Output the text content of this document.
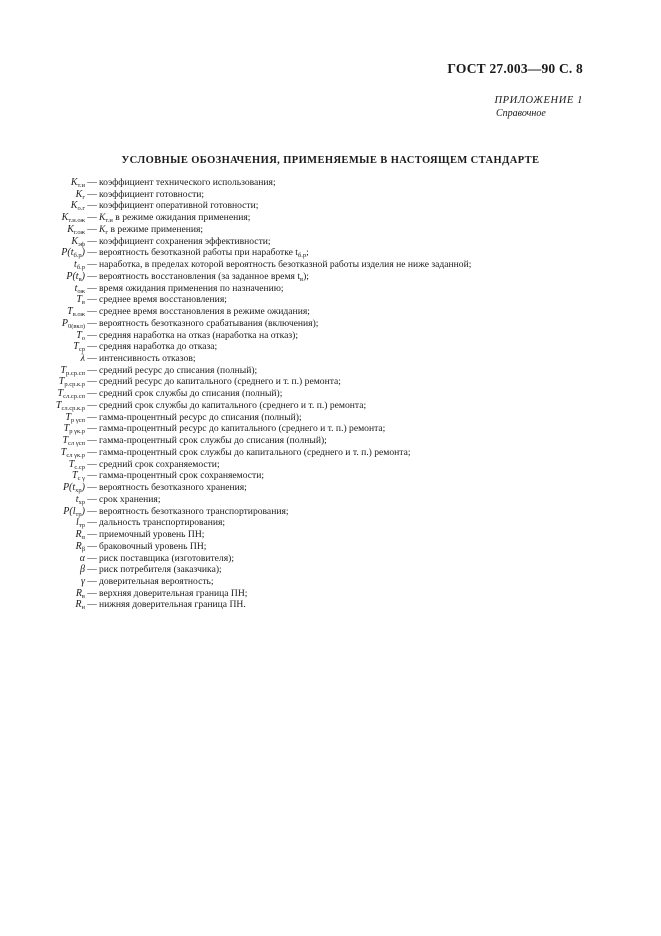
ГОСТ 27.003—90 С. 8
ПРИЛОЖЕНИЕ 1
Справочное
УСЛОВНЫЕ ОБОЗНАЧЕНИЯ, ПРИМЕНЯЕМЫЕ В НАСТОЯЩЕМ СТАНДАРТЕ
$K_{т.и}$ — коэффициент технического использования;
$K_г$ — коэффициент готовности;
$K_{о.г}$ — коэффициент оперативной готовности;
$K_{т.и.ож}$ — $K_{т.и}$ в режиме ожидания применения;
$K_{г.ож}$ — $K_г$ в режиме применения;
$K_{эф}$ — коэффициент сохранения эффективности;
$P(t_{б.р})$ — вероятность безотказной работы при наработке $t_{б.р}$;
$t_{б.р}$ — наработка, в пределах которой вероятность безотказной работы изделия не ниже заданной;
$P(t_в)$ — вероятность восстановления (за заданное время $t_в$);
$t_{ож}$ — время ожидания применения по назначению;
$T_в$ — среднее время восстановления;
$T_{в.ож}$ — среднее время восстановления в режиме ожидания;
$P_{0(вкл)}$ — вероятность безотказного срабатывания (включения);
$T_о$ — средняя наработка на отказ (наработка на отказ);
$T_{ср}$ — средняя наработка до отказа;
λ — интенсивность отказов;
$T_{р.ср.сп}$ — средний ресурс до списания (полный);
$T_{р.ср.к.р}$ — средний ресурс до капитального (среднего и т. п.) ремонта;
$T_{сл.ср.сп}$ — средний срок службы до списания (полный);
$T_{сл.ср.к.р}$ — средний срок службы до капитального (среднего и т. п.) ремонта;
$T_{р \gamma сп}$ — гамма-процентный ресурс до списания (полный);
$T_{р \gamma к.р}$ — гамма-процентный ресурс до капитального (среднего и т. п.) ремонта;
$T_{сл \gamma сп}$ — гамма-процентный срок службы до списания (полный);
$T_{сл \gamma к.р}$ — гамма-процентный срок службы до капитального (среднего и т. п.) ремонта;
$T_{с.ср}$ — средний срок сохраняемости;
$T_{с \gamma}$ — гамма-процентный срок сохраняемости;
$P(t_{хр})$ — вероятность безотказного хранения;
$t_{хр}$ — срок хранения;
$P(l_{тр})$ — вероятность безотказного транспортирования;
$l_{тр}$ — дальность транспортирования;
$R_\alpha$ — приемочный уровень ПН;
$R_\beta$ — браковочный уровень ПН;
α — риск поставщика (изготовителя);
β — риск потребителя (заказчика);
γ — доверительная вероятность;
$R_в$ — верхняя доверительная граница ПН;
$R_н$ — нижняя доверительная граница ПН.
